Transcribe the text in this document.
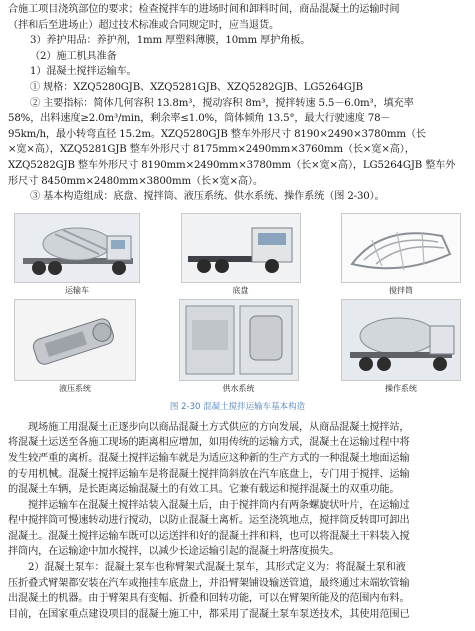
合施工项目浇筑部位的要求；检查搅拌车的进场时间和卸料时间，商品混凝土的运输时间

（拌和后至进场止）超过技术标准或合同规定时，应当退货。

3）养护用品：养护剂，1mm 厚塑料薄膜，10mm 厚护角板。

（2）施工机具准备

1）混凝土搅拌运输车。

① 规格：XZQ5280GJB、XZQ5281GJB、XZQ5282GJB、LG5264GJB

② 主要指标：简体几何容积 13.8m³，搅动容积 8m³，搅拌转速 5.5－6.0m³，填充率

58%，出料速度≥2.0m³/min，剩余率≤1.0%，筒体倾角 13.5°，最大行驶速度 78－

95km/h，最小转弯直径 15.2m。XZQ5280GJB 整车外形尺寸 8190×2490×3780mm（长

×宽×高），XZQ5281GJB 整车外形尺寸 8175mm×2490mm×3760mm（长×宽×高），

XZQ5282GJB 整车外形尺寸 8190mm×2490mm×3780mm（长×宽×高），LG5264GJB 整车外

形尺寸 8450mm×2480mm×3800mm（长×宽×高）。

③ 基本构造组成：底盘、搅拌筒、液压系统、供水系统、操作系统（图 2-30）。

运输车	底盘	搅拌筒
液压系统	供水系统	操作系统
图 2-30 混凝土搅拌运输车基本构造

现场施工用混凝土正逐步向以商品混凝土方式供应的方向发展，从商品混凝土搅拌站，

将混凝土运送至各施工现场的距离相应增加，如用传统的运输方式，混凝土在运输过程中将

发生较严重的离析。混凝土搅拌运输车就是为适应这种新的生产方式的一种混凝土地面运输

的专用机械。混凝土搅拌运输车是将混凝土搅拌筒斜放在汽车底盘上，专门用于搅拌、运输

的混凝土车辆，是长距离运输混凝土的有效工具。它兼有载运和搅拌混凝土的双重功能。

搅拌运输车在混凝土搅拌站装入混凝土后，由于搅拌筒内有两条螺旋状叶片，在运输过

程中搅拌筒可慢速转动进行搅动，以防止混凝土离析。运至浇筑地点，搅拌筒反转即可卸出

混凝土。混凝土搅拌运输车既可以运送拌和好的混凝土拌和料，也可以将混凝土干料装入搅

拌筒内，在运输途中加水搅拌，以减少长途运输引起的混凝土坍落度损失。

2）混凝土泵车：混凝土泵车也称臂架式混凝土泵车，其形式定义为：将混凝土泵和液

压折叠式臂架都安装在汽车或拖挂车底盘上，并沿臂架铺设输送管道，最终通过末端软管输

出混凝土的机器。由于臂架具有变幅、折叠和回转功能，可以在臂架所能及的范围内布料。

目前，在国家重点建设项目的混凝土施工中，都采用了混凝土泵车泵送技术，其使用范围已
